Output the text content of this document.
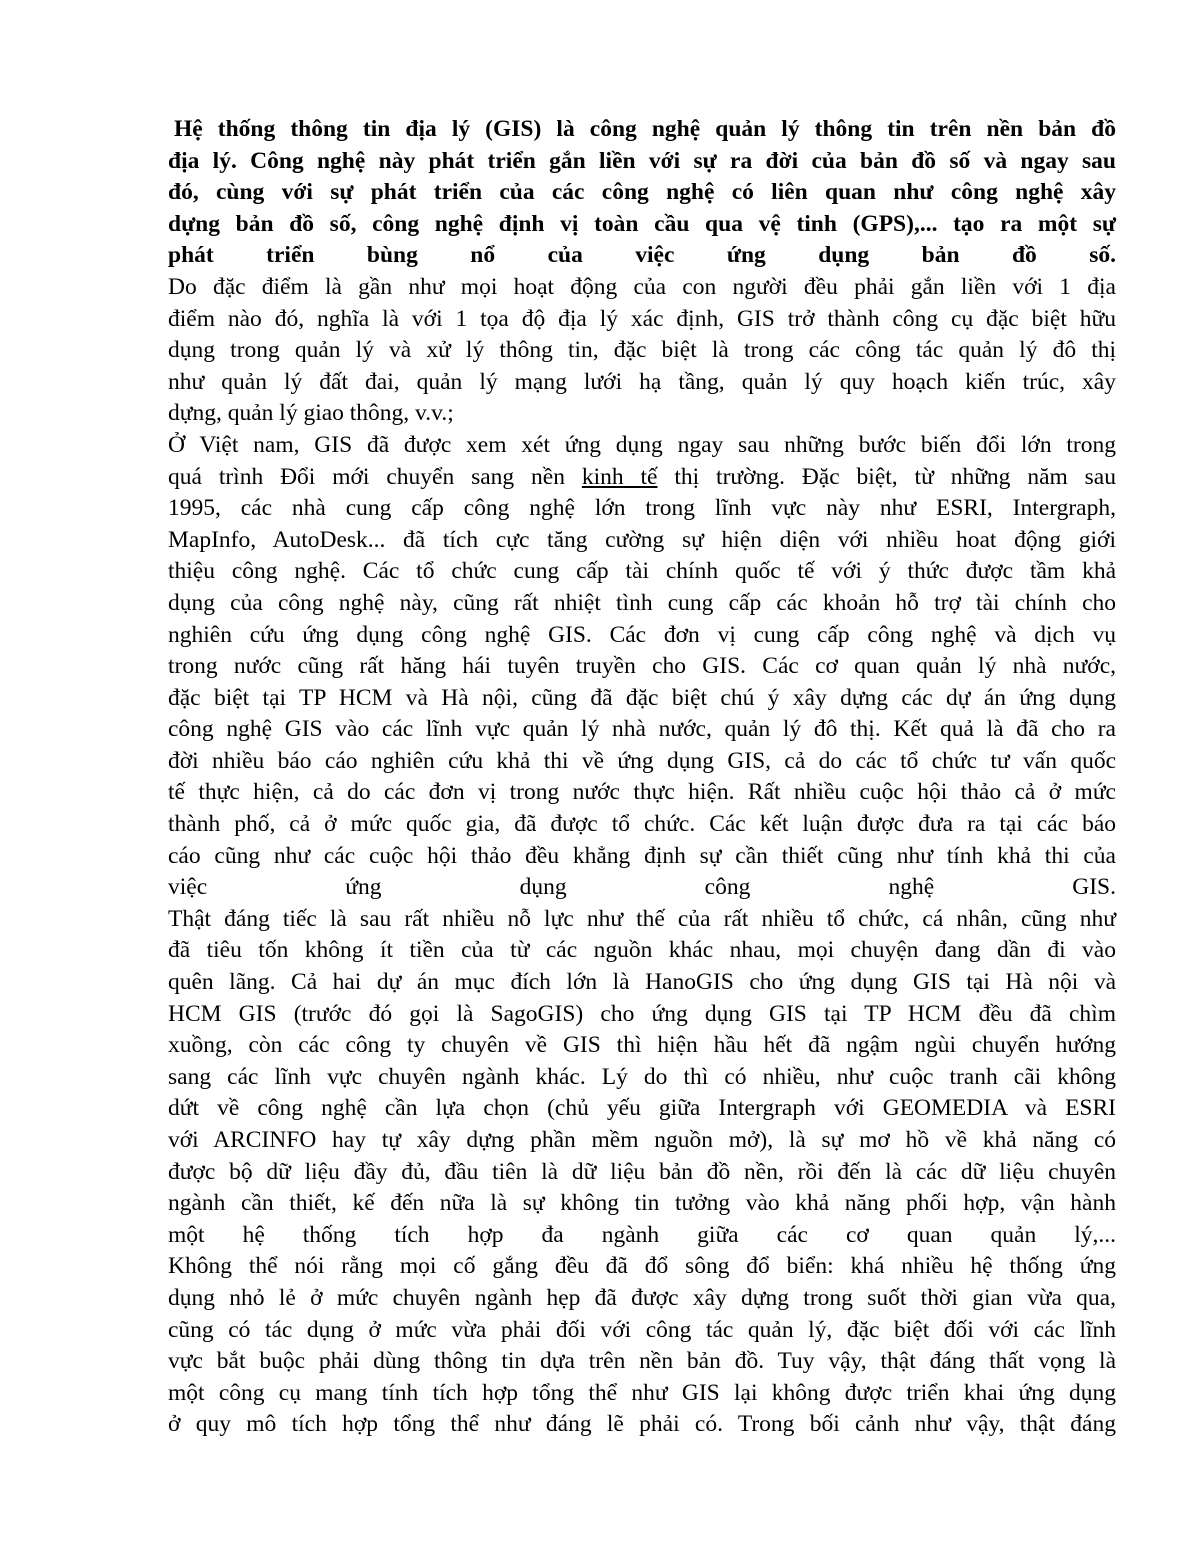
Hệ thống thông tin địa lý (GIS) là công nghệ quản lý thông tin trên nền bản đồ
địa lý. Công nghệ này phát triển gắn liền với sự ra đời của bản đồ số và ngay sau
đó, cùng với sự phát triển của các công nghệ có liên quan như công nghệ xây
dựng bản đồ số, công nghệ định vị toàn cầu qua vệ tinh (GPS),... tạo ra một sự
phát triển bùng nổ của việc ứng dụng bản đồ số.
Do đặc điểm là gần như mọi hoạt động của con người đều phải gắn liền với 1 địa
điểm nào đó, nghĩa là với 1 tọa độ địa lý xác định, GIS trở thành công cụ đặc biệt hữu
dụng trong quản lý và xử lý thông tin, đặc biệt là trong các công tác quản lý đô thị
như quản lý đất đai, quản lý mạng lưới hạ tầng, quản lý quy hoạch kiến trúc, xây
dựng, quản lý giao thông, v.v.;
Ở Việt nam, GIS đã được xem xét ứng dụng ngay sau những bước biến đổi lớn trong
quá trình Đổi mới chuyển sang nền kinh tế thị trường. Đặc biệt, từ những năm sau
1995, các nhà cung cấp công nghệ lớn trong lĩnh vực này như ESRI, Intergraph,
MapInfo, AutoDesk... đã tích cực tăng cường sự hiện diện với nhiều hoat động giới
thiệu công nghệ. Các tổ chức cung cấp tài chính quốc tế với ý thức được tầm khả
dụng của công nghệ này, cũng rất nhiệt tình cung cấp các khoản hỗ trợ tài chính cho
nghiên cứu ứng dụng công nghệ GIS. Các đơn vị cung cấp công nghệ và dịch vụ
trong nước cũng rất hăng hái tuyên truyền cho GIS. Các cơ quan quản lý nhà nước,
đặc biệt tại TP HCM và Hà nội, cũng đã đặc biệt chú ý xây dựng các dự án ứng dụng
công nghệ GIS vào các lĩnh vực quản lý nhà nước, quản lý đô thị. Kết quả là đã cho ra
đời nhiều báo cáo nghiên cứu khả thi về ứng dụng GIS, cả do các tổ chức tư vấn quốc
tế thực hiện, cả do các đơn vị trong nước thực hiện. Rất nhiều cuộc hội thảo cả ở mức
thành phố, cả ở mức quốc gia, đã được tổ chức. Các kết luận được đưa ra tại các báo
cáo cũng như các cuộc hội thảo đều khẳng định sự cần thiết cũng như tính khả thi của
việc ứng dụng công nghệ GIS.
Thật đáng tiếc là sau rất nhiều nỗ lực như thế của rất nhiều tổ chức, cá nhân, cũng như
đã tiêu tốn không ít tiền của từ các nguồn khác nhau, mọi chuyện đang dần đi vào
quên lãng. Cả hai dự án mục đích lớn là HanoGIS cho ứng dụng GIS tại Hà nội và
HCM GIS (trước đó gọi là SagoGIS) cho ứng dụng GIS tại TP HCM đều đã chìm
xuồng, còn các công ty chuyên về GIS thì hiện hầu hết đã ngậm ngùi chuyển hướng
sang các lĩnh vực chuyên ngành khác. Lý do thì có nhiều, như cuộc tranh cãi không
dứt về công nghệ cần lựa chọn (chủ yếu giữa Intergraph với GEOMEDIA và ESRI
với ARCINFO hay tự xây dựng phần mềm nguồn mở), là sự mơ hồ về khả năng có
được bộ dữ liệu đầy đủ, đầu tiên là dữ liệu bản đồ nền, rồi đến là các dữ liệu chuyên
ngành cần thiết, kế đến nữa là sự không tin tưởng vào khả năng phối hợp, vận hành
một hệ thống tích hợp đa ngành giữa các cơ quan quản lý,...
Không thể nói rằng mọi cố gắng đều đã đổ sông đổ biển: khá nhiều hệ thống ứng
dụng nhỏ lẻ ở mức chuyên ngành hẹp đã được xây dựng trong suốt thời gian vừa qua,
cũng có tác dụng ở mức vừa phải đối với công tác quản lý, đặc biệt đối với các lĩnh
vực bắt buộc phải dùng thông tin dựa trên nền bản đồ. Tuy vậy, thật đáng thất vọng là
một công cụ mang tính tích hợp tổng thể như GIS lại không được triển khai ứng dụng
ở quy mô tích hợp tổng thể như đáng lẽ phải có. Trong bối cảnh như vậy, thật đáng
